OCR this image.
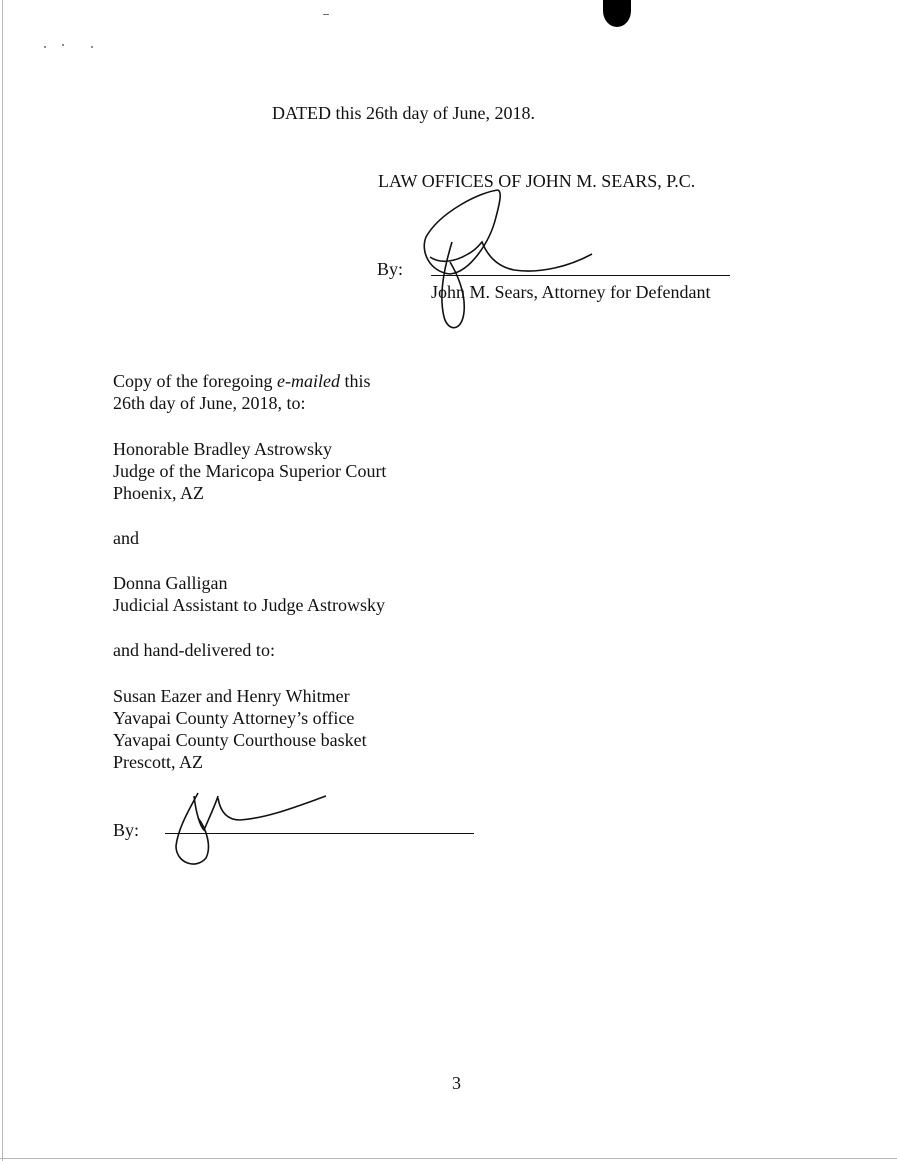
DATED this 26th day of June, 2018.
LAW OFFICES OF JOHN M. SEARS, P.C.
By:
John M. Sears, Attorney for Defendant
Copy of the foregoing e-mailed this
26th day of June, 2018, to:
Honorable Bradley Astrowsky
Judge of the Maricopa Superior Court
Phoenix, AZ
and
Donna Galligan
Judicial Assistant to Judge Astrowsky
and hand-delivered to:
Susan Eazer and Henry Whitmer
Yavapai County Attorney’s office
Yavapai County Courthouse basket
Prescott, AZ
By:
3
